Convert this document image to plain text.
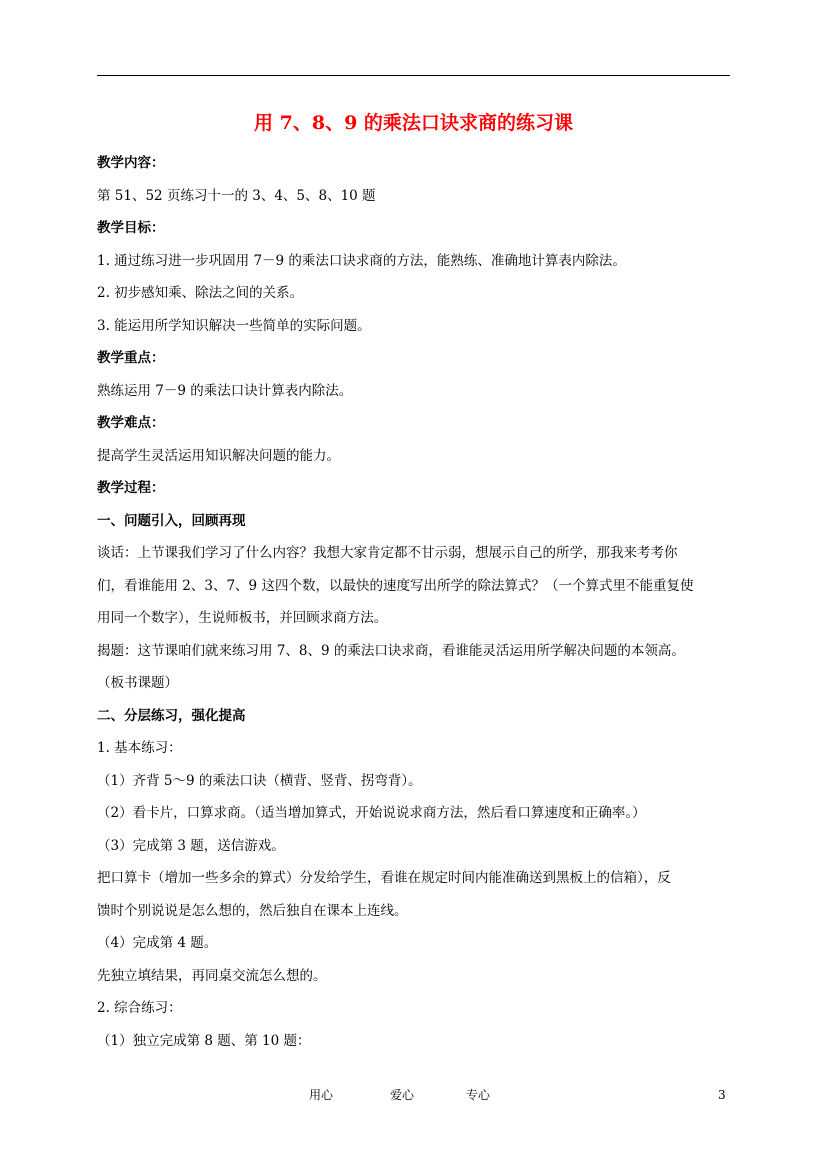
用 7、8、9 的乘法口诀求商的练习课
教学内容：
第 51、52 页练习十一的 3、4、5、8、10 题
教学目标：
1. 通过练习进一步巩固用 7－9 的乘法口诀求商的方法，能熟练、准确地计算表内除法。
2. 初步感知乘、除法之间的关系。
3. 能运用所学知识解决一些简单的实际问题。
教学重点：
熟练运用 7－9 的乘法口诀计算表内除法。
教学难点：
提高学生灵活运用知识解决问题的能力。
教学过程：
一、问题引入，回顾再现
谈话：上节课我们学习了什么内容？我想大家肯定都不甘示弱，想展示自己的所学，那我来考考你
们，看谁能用 2、3、7、9 这四个数，以最快的速度写出所学的除法算式？（一个算式里不能重复使
用同一个数字），生说师板书，并回顾求商方法。
揭题：这节课咱们就来练习用 7、8、9 的乘法口诀求商，看谁能灵活运用所学解决问题的本领高。
（板书课题）
二、分层练习，强化提高
1. 基本练习：
（1）齐背 5～9 的乘法口诀（横背、竖背、拐弯背）。
（2）看卡片，口算求商。（适当增加算式，开始说说求商方法，然后看口算速度和正确率。）
（3）完成第 3 题，送信游戏。
把口算卡（增加一些多余的算式）分发给学生，看谁在规定时间内能准确送到黑板上的信箱），反
馈时个别说说是怎么想的，然后独自在课本上连线。
（4）完成第 4 题。
先独立填结果，再同桌交流怎么想的。
2. 综合练习：
（1）独立完成第 8 题、第 10 题：
用心	爱心	专心	3
